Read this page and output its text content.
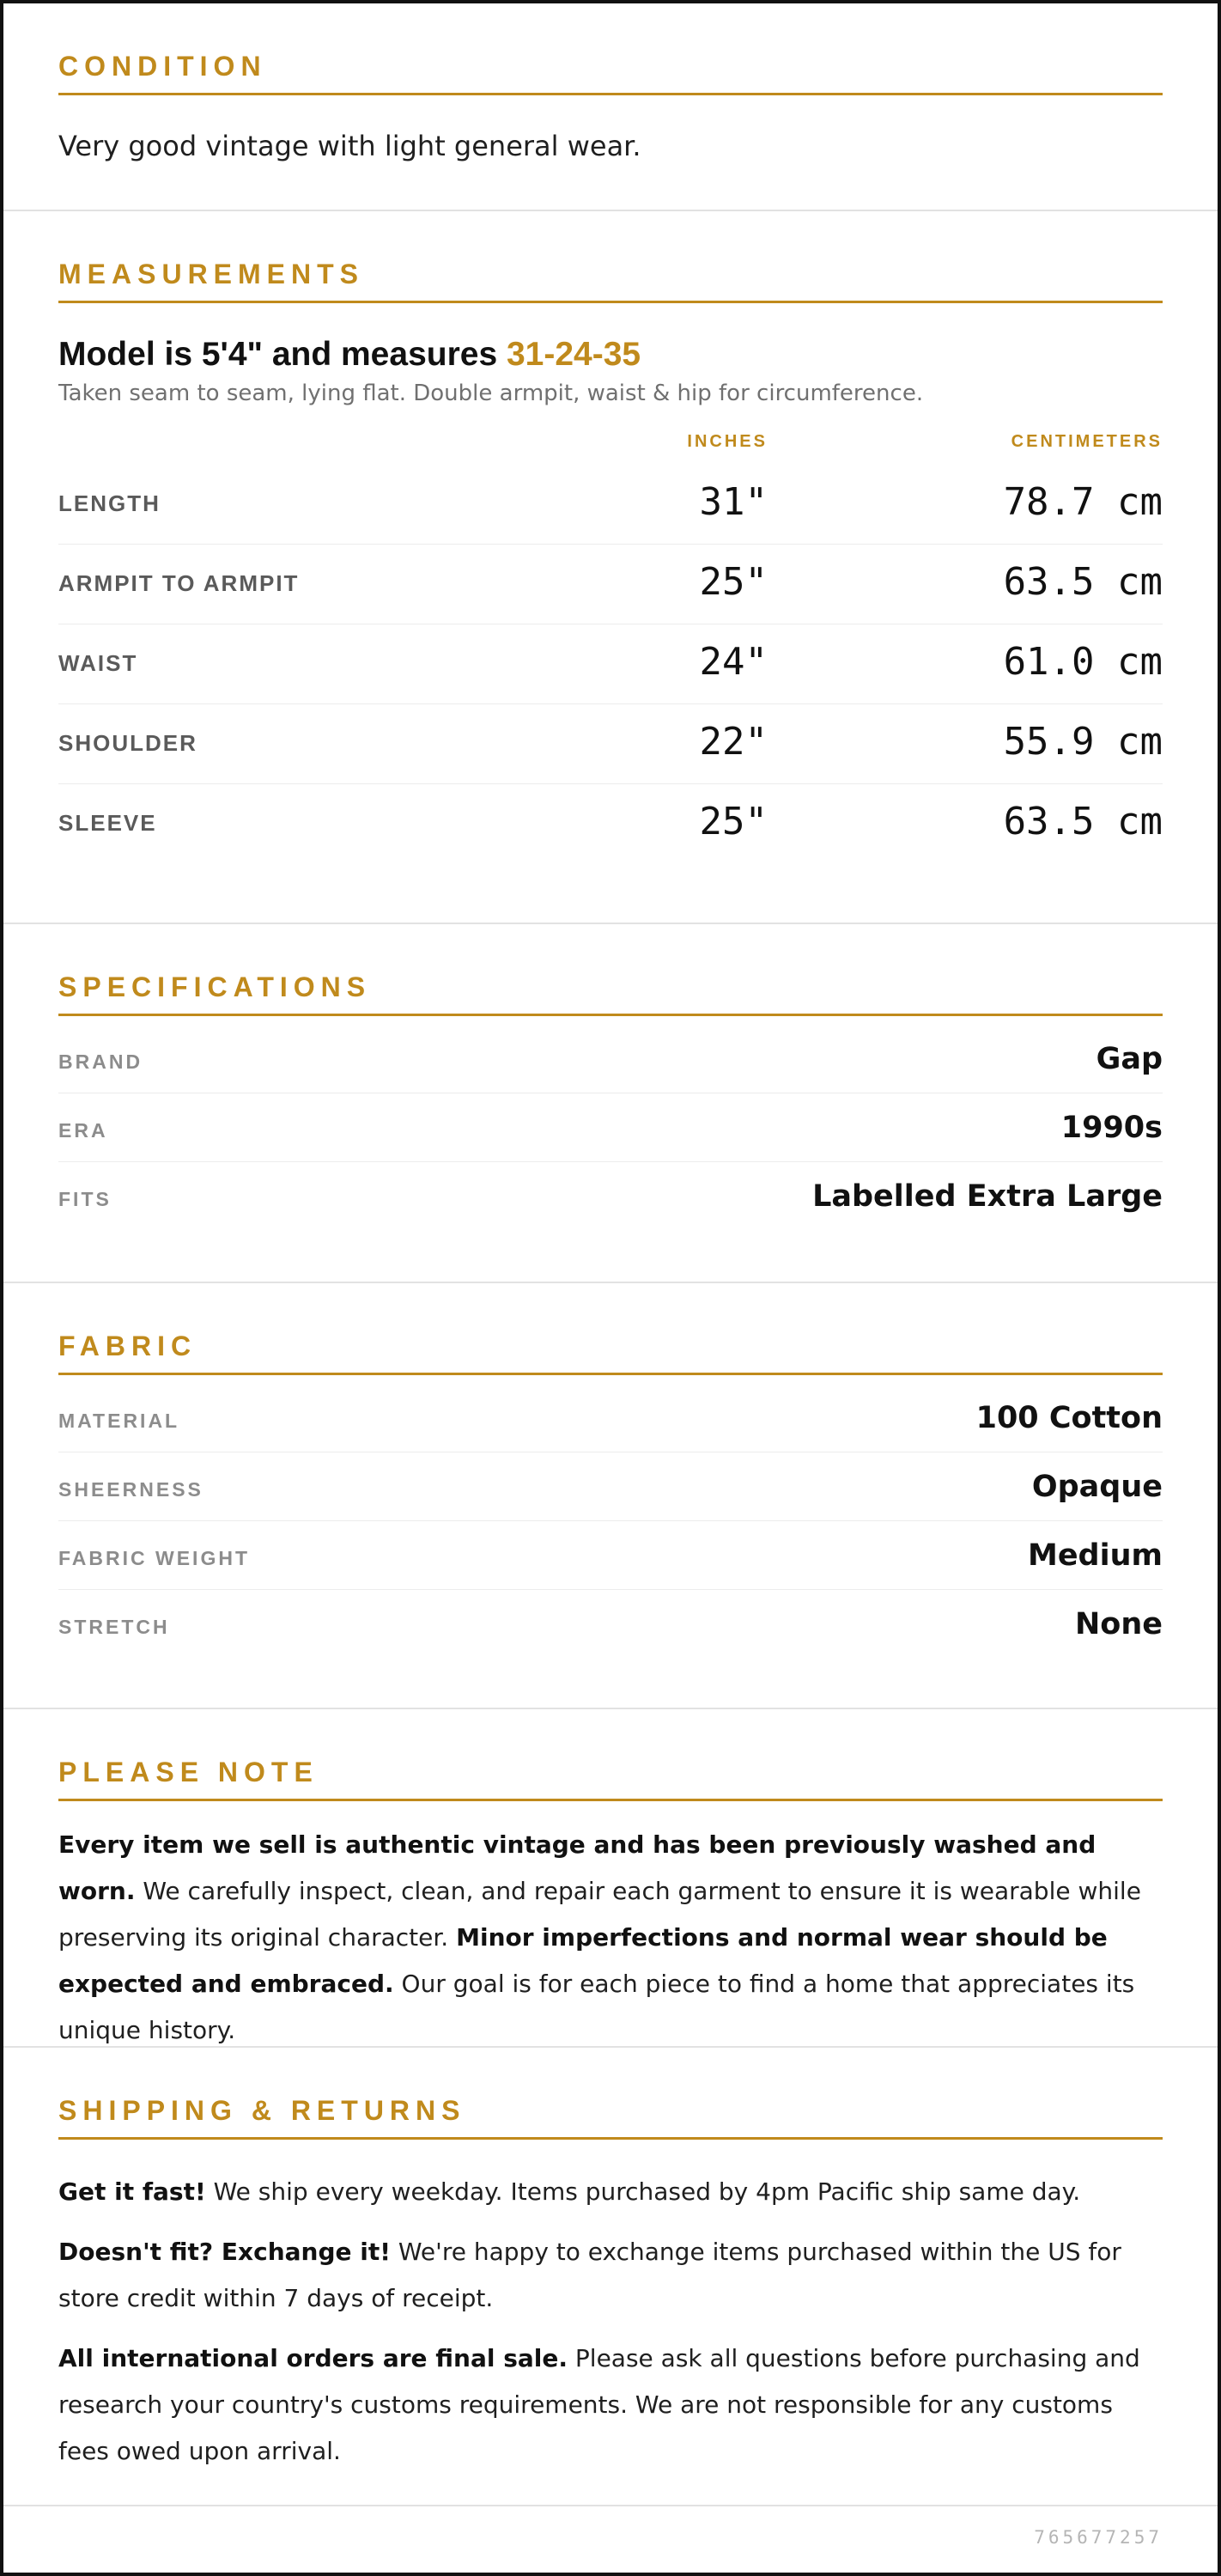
CONDITION
Very good vintage with light general wear.
MEASUREMENTS
Model is 5'4" and measures 31-24-35
Taken seam to seam, lying flat. Double armpit, waist & hip for circumference.
INCHES	CENTIMETERS
LENGTH	31"	78.7 cm
ARMPIT TO ARMPIT	25"	63.5 cm
WAIST	24"	61.0 cm
SHOULDER	22"	55.9 cm
SLEEVE	25"	63.5 cm
SPECIFICATIONS
BRAND	Gap
ERA	1990s
FITS	Labelled Extra Large
FABRIC
MATERIAL	100 Cotton
SHEERNESS	Opaque
FABRIC WEIGHT	Medium
STRETCH	None
PLEASE NOTE

Every item we sell is authentic vintage and has been previously washed and worn. We carefully inspect, clean, and repair each garment to ensure it is wearable while preserving its original character. Minor imperfections and normal wear should be expected and embraced. Our goal is for each piece to find a home that appreciates its unique history.

SHIPPING & RETURNS

Get it fast! We ship every weekday. Items purchased by 4pm Pacific ship same day.

Doesn't fit? Exchange it! We're happy to exchange items purchased within the US for store credit within 7 days of receipt.

All international orders are final sale. Please ask all questions before purchasing and research your country's customs requirements. We are not responsible for any customs fees owed upon arrival.

765677257
